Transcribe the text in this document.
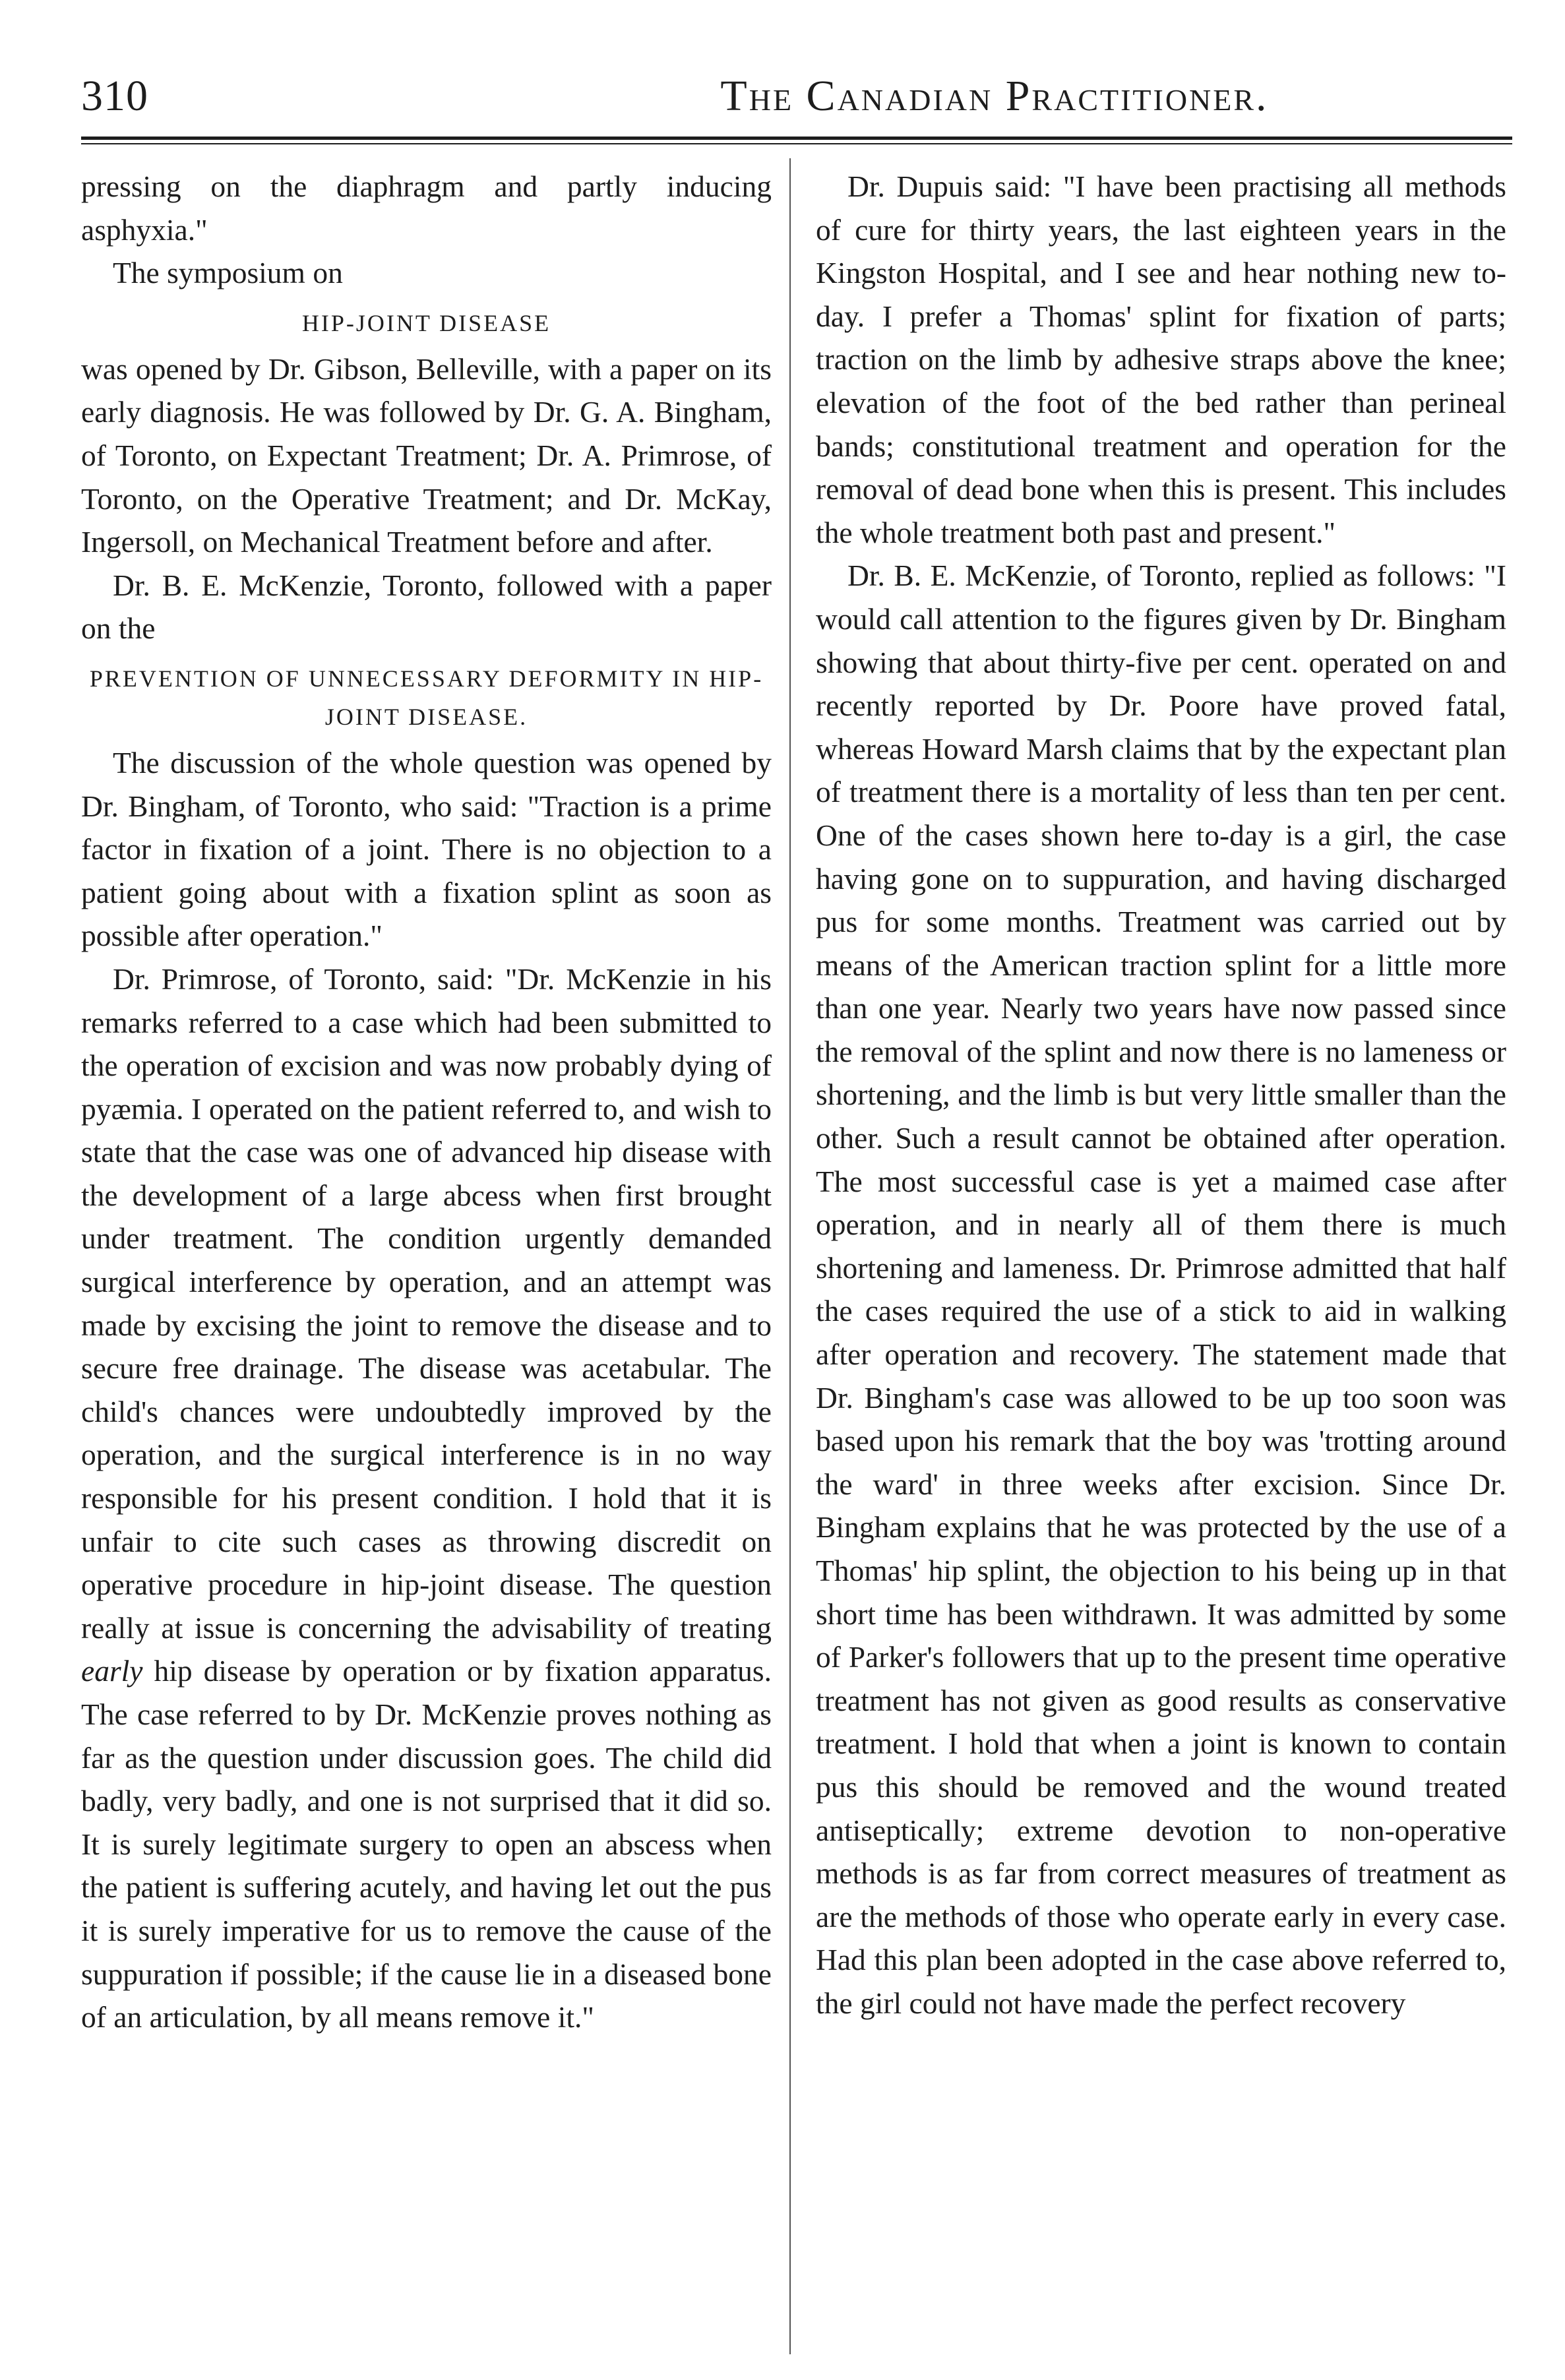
310	The Canadian Practitioner.

pressing on the diaphragm and partly inducing asphyxia."

The symposium on

HIP-JOINT DISEASE

was opened by Dr. Gibson, Belleville, with a paper on its early diagnosis. He was followed by Dr. G. A. Bingham, of Toronto, on Expectant Treatment; Dr. A. Primrose, of Toronto, on the Operative Treatment; and Dr. McKay, Ingersoll, on Mechanical Treatment before and after.

Dr. B. E. McKenzie, Toronto, followed with a paper on the

PREVENTION OF UNNECESSARY DEFORMITY IN HIP-JOINT DISEASE.

The discussion of the whole question was opened by Dr. Bingham, of Toronto, who said: "Traction is a prime factor in fixation of a joint. There is no objection to a patient going about with a fixation splint as soon as possible after operation."

Dr. Primrose, of Toronto, said: "Dr. McKenzie in his remarks referred to a case which had been submitted to the operation of excision and was now probably dying of pyæmia. I operated on the patient referred to, and wish to state that the case was one of advanced hip disease with the development of a large abcess when first brought under treatment. The condition urgently demanded surgical interference by operation, and an attempt was made by excising the joint to remove the disease and to secure free drainage. The disease was acetabular. The child's chances were undoubtedly improved by the operation, and the surgical interference is in no way responsible for his present condition. I hold that it is unfair to cite such cases as throwing discredit on operative procedure in hip-joint disease. The question really at issue is concerning the advisability of treating early hip disease by operation or by fixation apparatus. The case referred to by Dr. McKenzie proves nothing as far as the question under discussion goes. The child did badly, very badly, and one is not surprised that it did so. It is surely legitimate surgery to open an abscess when the patient is suffering acutely, and having let out the pus it is surely imperative for us to remove the cause of the suppuration if possible; if the cause lie in a diseased bone of an articulation, by all means remove it."

Dr. Dupuis said: "I have been practising all methods of cure for thirty years, the last eighteen years in the Kingston Hospital, and I see and hear nothing new to-day. I prefer a Thomas' splint for fixation of parts; traction on the limb by adhesive straps above the knee; elevation of the foot of the bed rather than perineal bands; constitutional treatment and operation for the removal of dead bone when this is present. This includes the whole treatment both past and present."

Dr. B. E. McKenzie, of Toronto, replied as follows: "I would call attention to the figures given by Dr. Bingham showing that about thirty-five per cent. operated on and recently reported by Dr. Poore have proved fatal, whereas Howard Marsh claims that by the expectant plan of treatment there is a mortality of less than ten per cent. One of the cases shown here to-day is a girl, the case having gone on to suppuration, and having discharged pus for some months. Treatment was carried out by means of the American traction splint for a little more than one year. Nearly two years have now passed since the removal of the splint and now there is no lameness or shortening, and the limb is but very little smaller than the other. Such a result cannot be obtained after operation. The most successful case is yet a maimed case after operation, and in nearly all of them there is much shortening and lameness. Dr. Primrose admitted that half the cases required the use of a stick to aid in walking after operation and recovery. The statement made that Dr. Bingham's case was allowed to be up too soon was based upon his remark that the boy was 'trotting around the ward' in three weeks after excision. Since Dr. Bingham explains that he was protected by the use of a Thomas' hip splint, the objection to his being up in that short time has been withdrawn. It was admitted by some of Parker's followers that up to the present time operative treatment has not given as good results as conservative treatment. I hold that when a joint is known to contain pus this should be removed and the wound treated antiseptically; extreme devotion to non-operative methods is as far from correct measures of treatment as are the methods of those who operate early in every case. Had this plan been adopted in the case above referred to, the girl could not have made the perfect recovery
